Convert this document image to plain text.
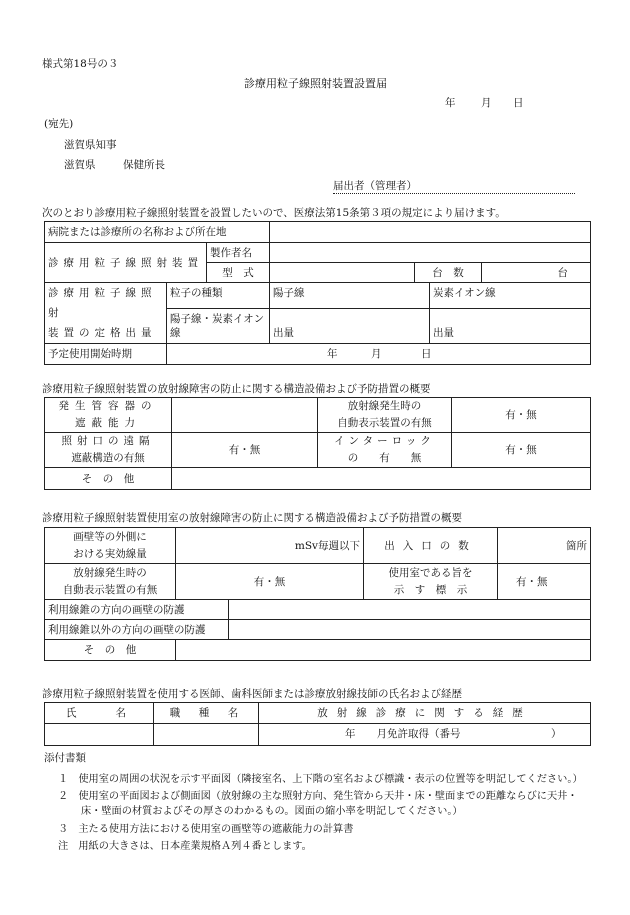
様式第18号の３
診療用粒子線照射装置設置届
年 月 日
(宛先)
滋賀県知事
滋賀県	保健所長
届出者（管理者）
次のとおり診療用粒子線照射装置を設置したいので、医療法第15条第３項の規定により届けます。
病院または診療所の名称および所在地						
診療用粒子線照射装置		製作者名				
		型　式		台　数		台
診療用粒子線照射
装置の定格出量	粒子の種類		陽子線		炭素イオン線	
	陽子線・炭素イオン線		出量		出量	
予定使用開始時期	年 月 日					
診療用粒子線照射装置の放射線障害の防止に関する構造設備および予防措置の概要
発生管容器の
遮蔽能力		放射線発生時の
自動表示装置の有無	有・無
照射口の遠隔
遮蔽構造の有無	有・無	インターロック
の   有   無	有・無
そ　の　他			
診療用粒子線照射装置使用室の放射線障害の防止に関する構造設備および予防措置の概要
画壁等の外側に
おける実効線量	mSv毎週以下		出入口の数	箇所
放射線発生時の
自動表示装置の有無	有・無		使用室である旨を
示　す　標　示	有・無
利用線錐の方向の画壁の防護				
利用線錐以外の方向の画壁の防護				
そ　の　他				
診療用粒子線照射装置を使用する医師、歯科医師または診療放射線技師の氏名および経歴
氏　　名	職　種　名	放射線診療に関する経歴

		年　　月免許取得（番号 ）
添付書類
１　使用室の周囲の状況を示す平面図（隣接室名、上下階の室名および標識・表示の位置等を明記してください。）
２　使用室の平面図および側面図（放射線の主な照射方向、発生管から天井・床・壁面までの距離ならびに天井・
床・壁面の材質およびその厚さのわかるもの。図面の縮小率を明記してください。）
３　主たる使用方法における使用室の画壁等の遮蔽能力の計算書
注　用紙の大きさは、日本産業規格Ａ列４番とします。
